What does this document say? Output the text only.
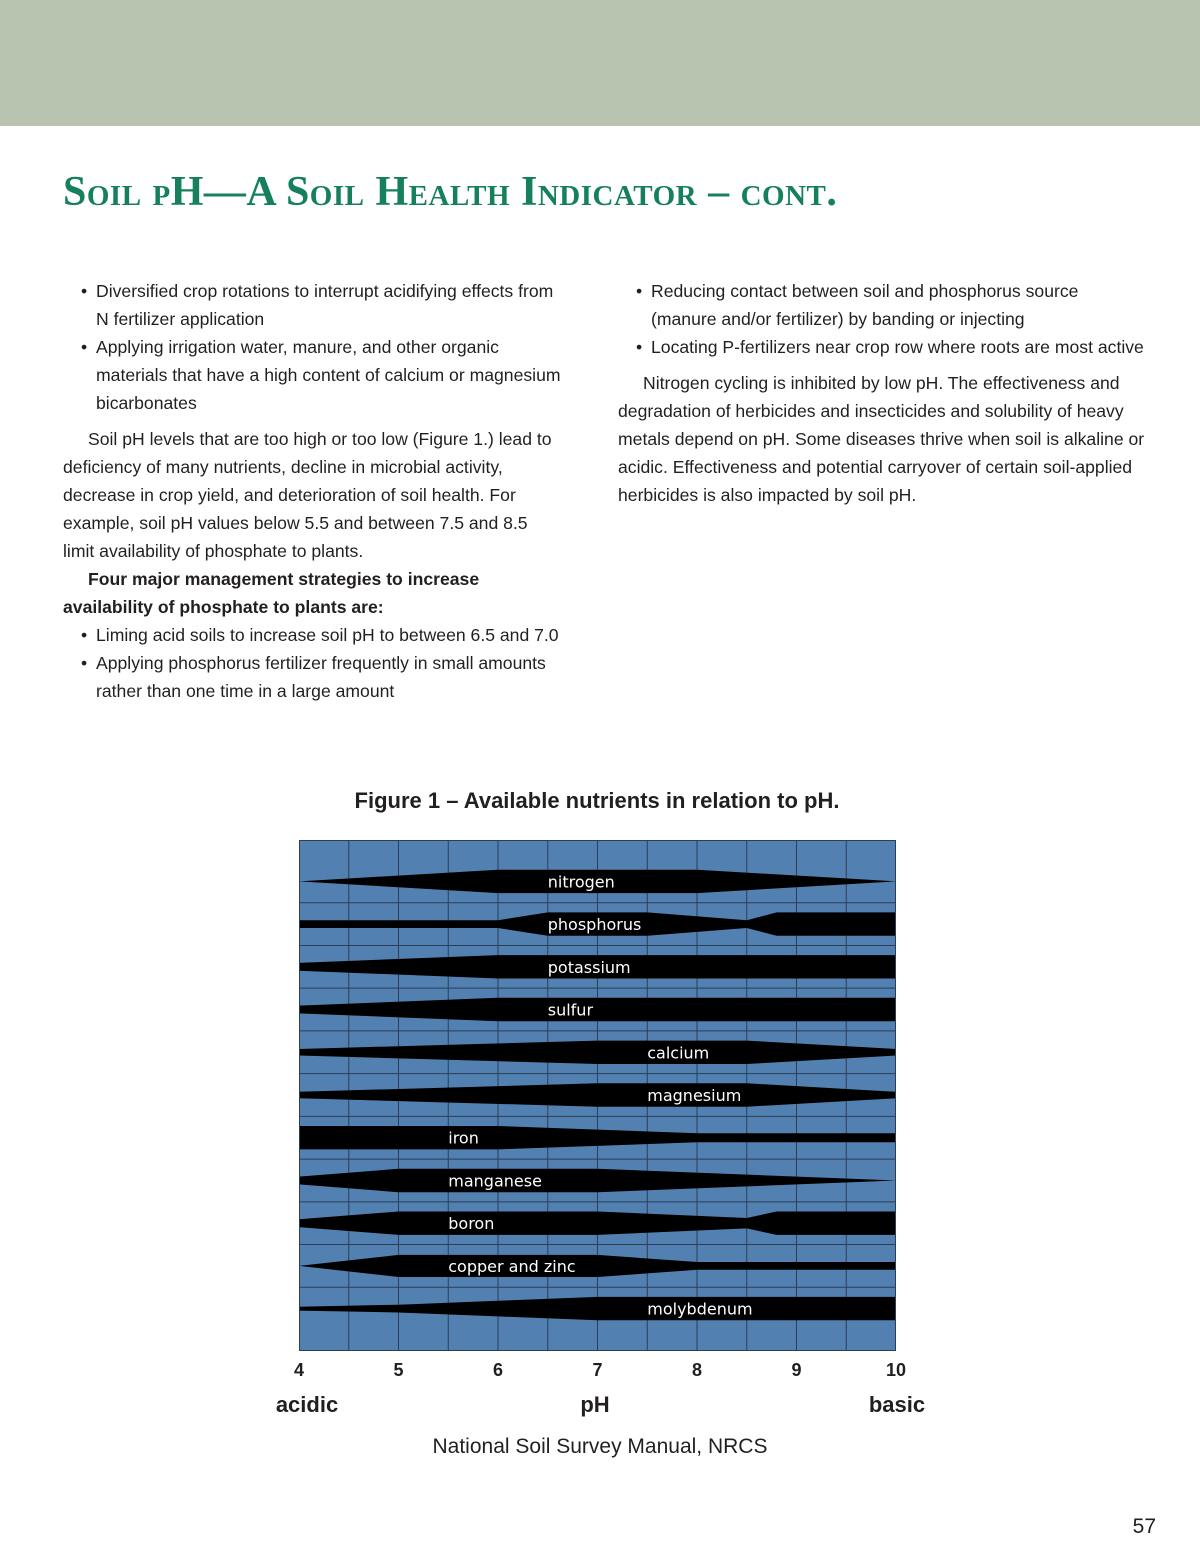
Soil pH—A Soil Health Indicator – cont.
• Diversified crop rotations to interrupt acidifying effects from N fertilizer application
• Applying irrigation water, manure, and other organic materials that have a high content of calcium or magnesium bicarbonates

Soil pH levels that are too high or too low (Figure 1.) lead to deficiency of many nutrients, decline in microbial activity, decrease in crop yield, and deterioration of soil health. For example, soil pH values below 5.5 and between 7.5 and 8.5 limit availability of phosphate to plants.

Four major management strategies to increase availability of phosphate to plants are:

• Liming acid soils to increase soil pH to between 6.5 and 7.0
• Applying phosphorus fertilizer frequently in small amounts rather than one time in a large amount
• Reducing contact between soil and phosphorus source (manure and/or fertilizer) by banding or injecting
• Locating P-fertilizers near crop row where roots are most active

Nitrogen cycling is inhibited by low pH. The effectiveness and degradation of herbicides and insecticides and solubility of heavy metals depend on pH. Some diseases thrive when soil is alkaline or acidic. Effectiveness and potential carryover of certain soil-applied herbicides is also impacted by soil pH.

Figure 1 – Available nutrients in relation to pH.
nitrogen
phosphorus
potassium
sulfur
calcium
magnesium
iron
manganese
boron
copper and zinc
molybdenum
4	5	6	7	8	9	10
acidic	pH	basic
National Soil Survey Manual, NRCS
57
